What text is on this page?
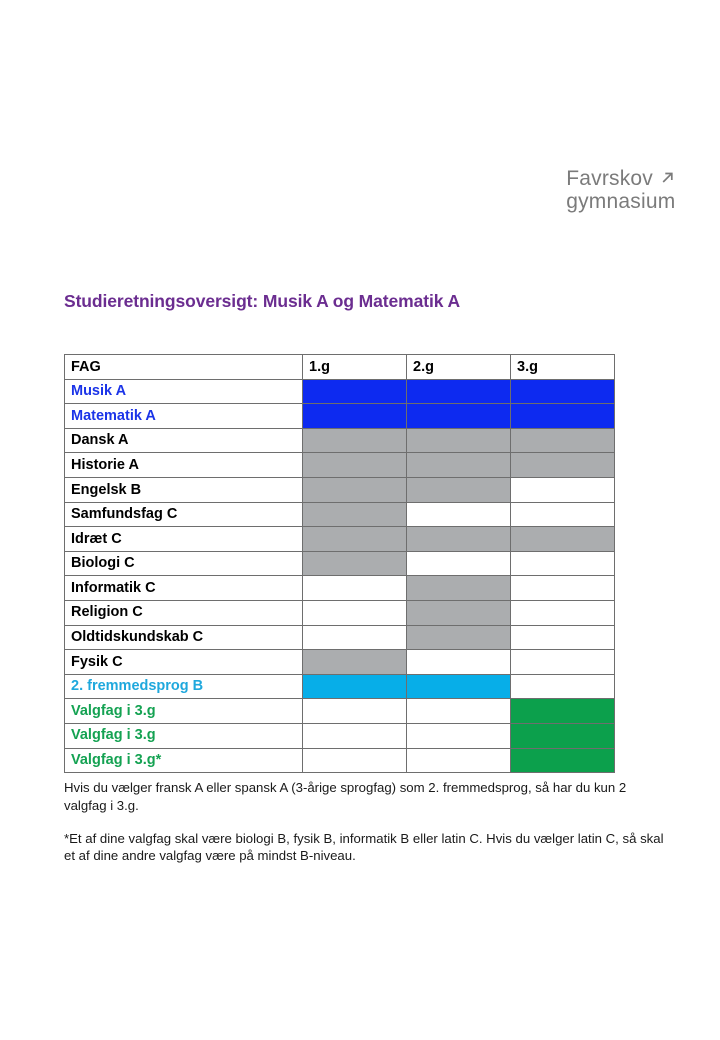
Favrskov
gymnasium
Studieretningsoversigt: Musik A og Matematik A
FAG	1.g	2.g	3.g
Musik A			
Matematik A			
Dansk A			
Historie A			
Engelsk B			
Samfundsfag C			
Idræt C			
Biologi C			
Informatik C			
Religion C			
Oldtidskundskab C			
Fysik C			
2. fremmedsprog B			
Valgfag i 3.g			
Valgfag i 3.g			
Valgfag i 3.g*			
Hvis du vælger fransk A eller spansk A (3-årige sprogfag) som 2. fremmedsprog, så har du kun 2 valgfag i 3.g.
*Et af dine valgfag skal være biologi B, fysik B, informatik B eller latin C. Hvis du vælger latin C, så skal et af dine andre valgfag være på mindst B-niveau.
